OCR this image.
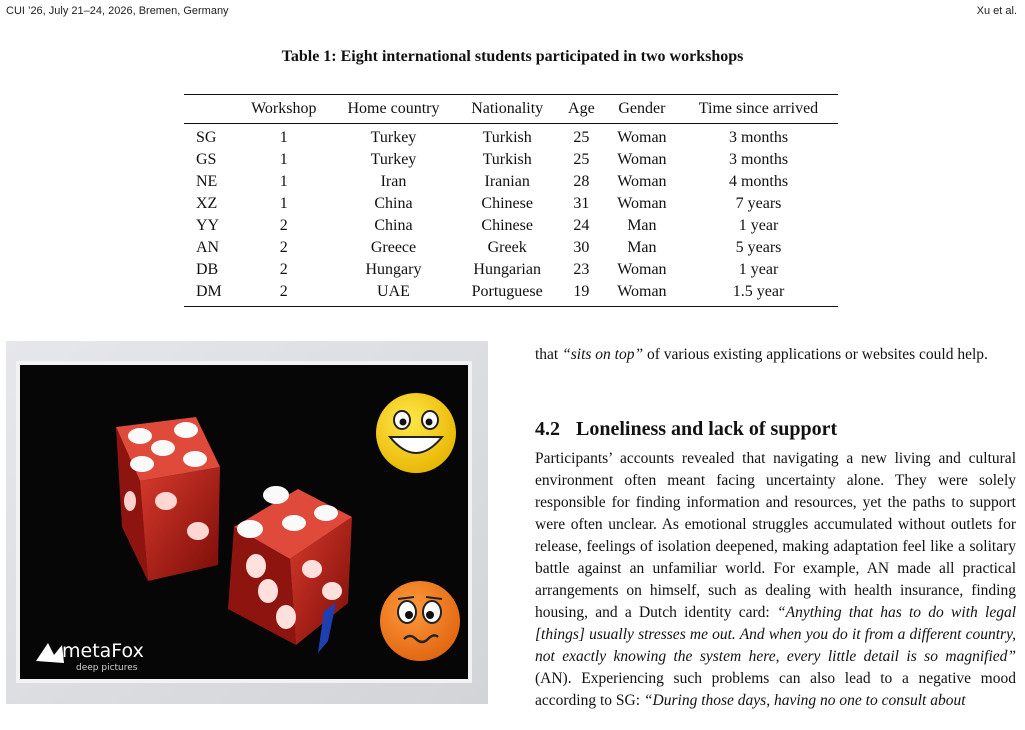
CUI ’26, July 21–24, 2026, Bremen, Germany	Xu et al.
Table 1: Eight international students participated in two workshops
	Workshop	Home country	Nationality	Age	Gender	Time since arrived
SG	1	Turkey	Turkish	25	Woman	3 months
GS	1	Turkey	Turkish	25	Woman	3 months
NE	1	Iran	Iranian	28	Woman	4 months
XZ	1	China	Chinese	31	Woman	7 years
YY	2	China	Chinese	24	Man	1 year
AN	2	Greece	Greek	30	Man	5 years
DB	2	Hungary	Hungarian	23	Woman	1 year
DM	2	UAE	Portuguese	19	Woman	1.5 year
metaFox
deep pictures

that “sits on top” of various existing applications or websites could help.

4.2 Loneliness and lack of support

Participants’ accounts revealed that navigating a new living and cultural environment often meant facing uncertainty alone. They were solely responsible for finding information and resources, yet the paths to support were often unclear. As emotional struggles accumulated without outlets for release, feelings of isolation deepened, making adaptation feel like a solitary battle against an unfamiliar world. For example, AN made all practical arrangements on himself, such as dealing with health insurance, finding housing, and a Dutch identity card: “Anything that has to do with legal [things] usually stresses me out. And when you do it from a different country, not exactly knowing the system here, every little detail is so magnified” (AN). Experiencing such problems can also lead to a negative mood according to SG: “During those days, having no one to consult about
